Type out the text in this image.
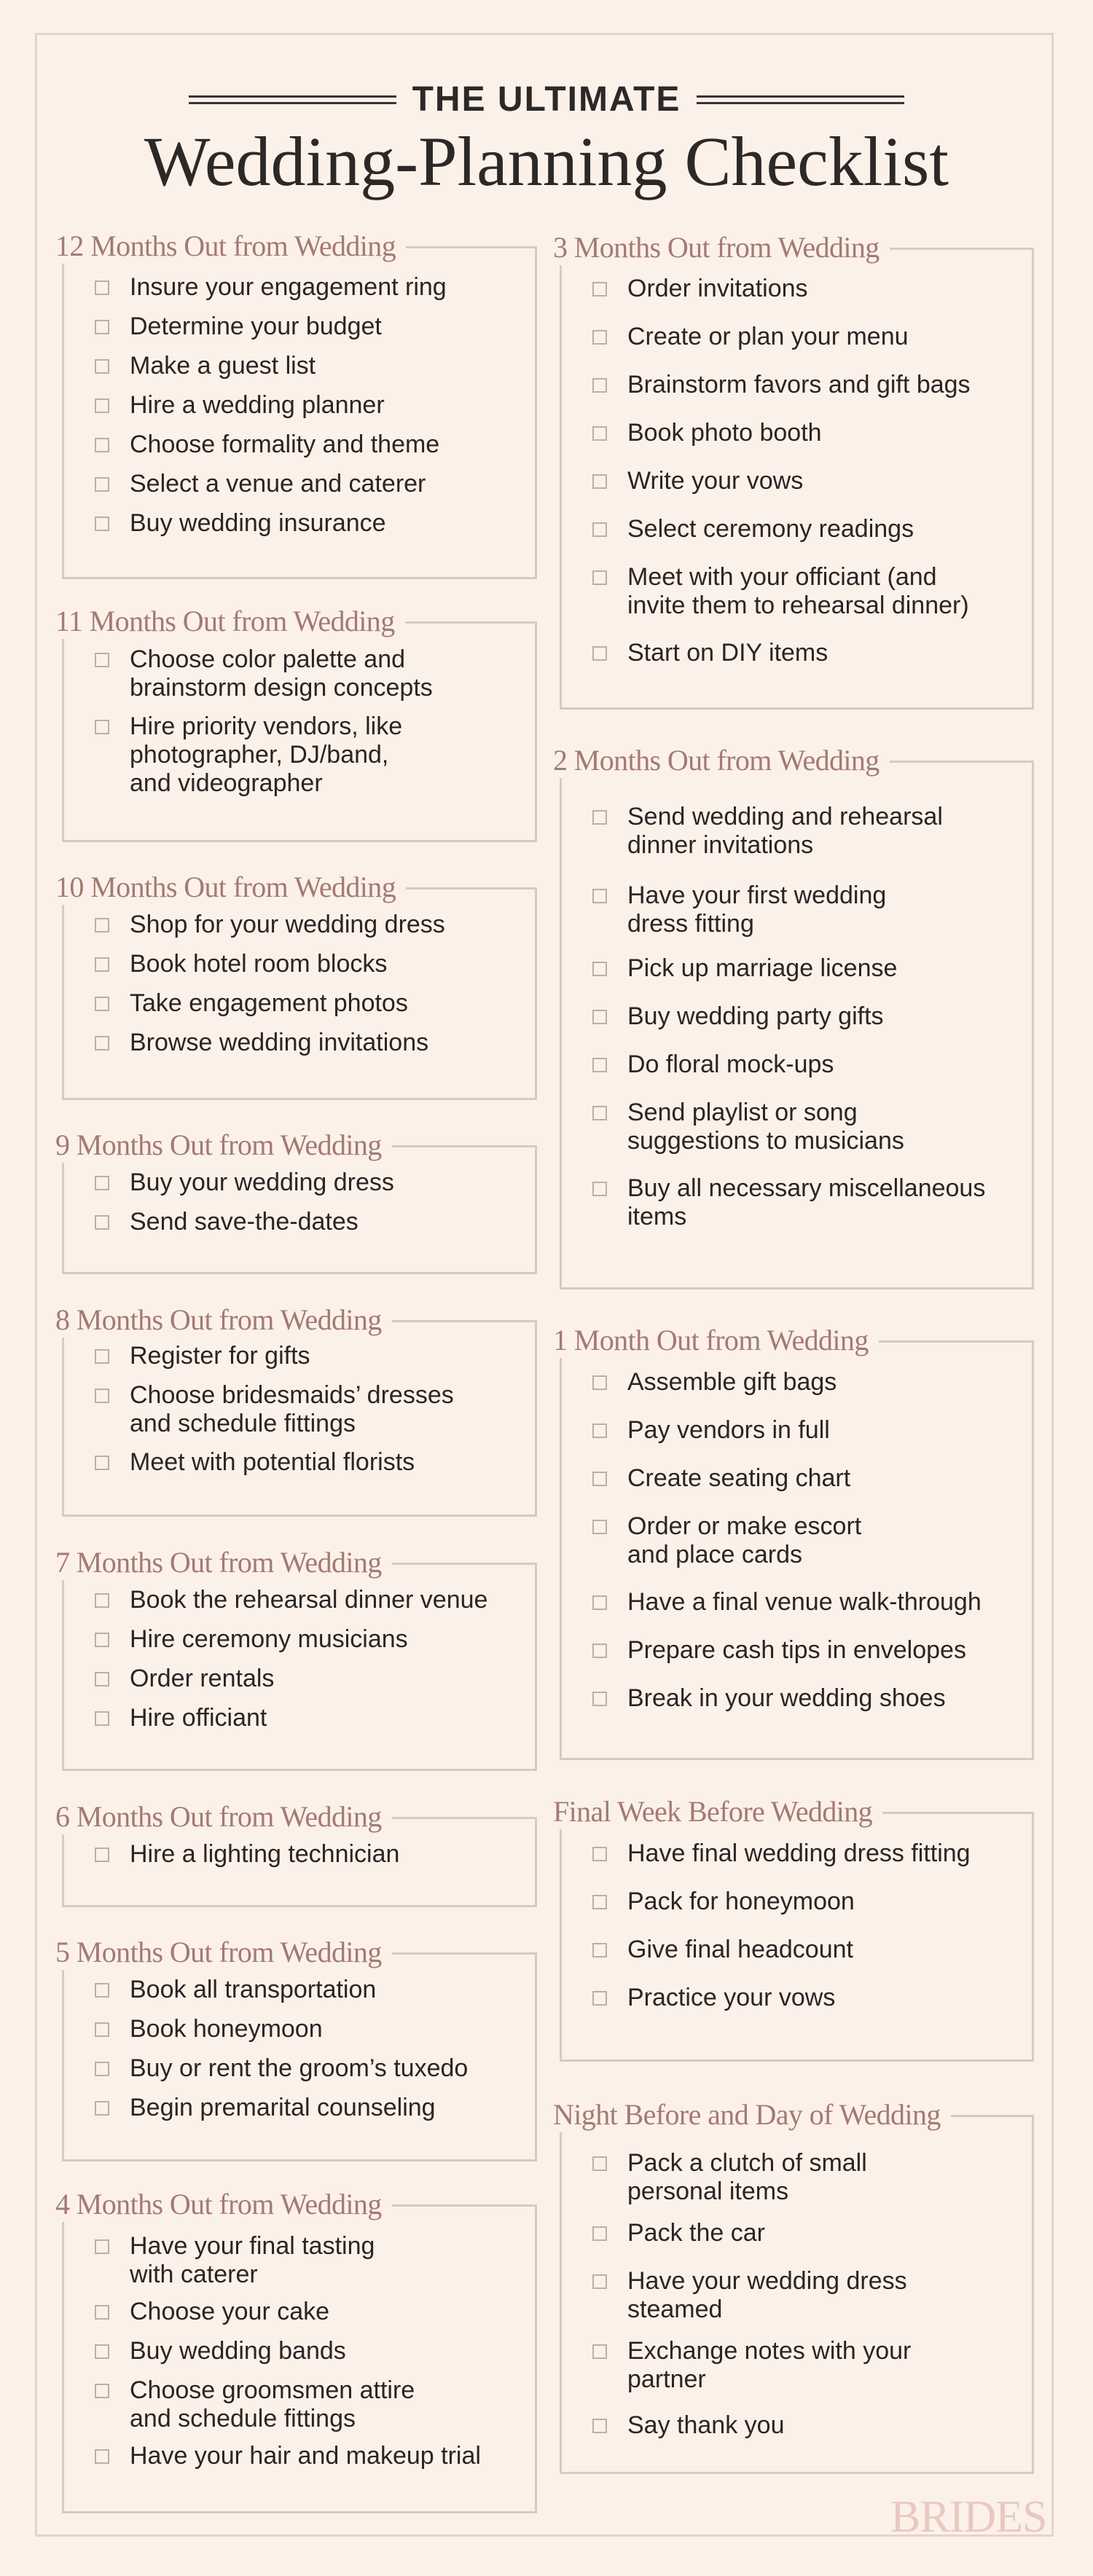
THE ULTIMATE
Wedding-Planning Checklist
12 Months Out from Wedding
Insure your engagement ring
Determine your budget
Make a guest list
Hire a wedding planner
Choose formality and theme
Select a venue and caterer
Buy wedding insurance
11 Months Out from Wedding
Choose color palette and
brainstorm design concepts
Hire priority vendors, like
photographer, DJ/band,
and videographer
10 Months Out from Wedding
Shop for your wedding dress
Book hotel room blocks
Take engagement photos
Browse wedding invitations
9 Months Out from Wedding
Buy your wedding dress
Send save-the-dates
8 Months Out from Wedding
Register for gifts
Choose bridesmaids’ dresses
and schedule fittings
Meet with potential florists
7 Months Out from Wedding
Book the rehearsal dinner venue
Hire ceremony musicians
Order rentals
Hire officiant
6 Months Out from Wedding
Hire a lighting technician
5 Months Out from Wedding
Book all transportation
Book honeymoon
Buy or rent the groom’s tuxedo
Begin premarital counseling
4 Months Out from Wedding
Have your final tasting
with caterer
Choose your cake
Buy wedding bands
Choose groomsmen attire
and schedule fittings
Have your hair and makeup trial
3 Months Out from Wedding
Order invitations
Create or plan your menu
Brainstorm favors and gift bags
Book photo booth
Write your vows
Select ceremony readings
Meet with your officiant (and
invite them to rehearsal dinner)
Start on DIY items
2 Months Out from Wedding
Send wedding and rehearsal
dinner invitations
Have your first wedding
dress fitting
Pick up marriage license
Buy wedding party gifts
Do floral mock-ups
Send playlist or song
suggestions to musicians
Buy all necessary miscellaneous
items
1 Month Out from Wedding
Assemble gift bags
Pay vendors in full
Create seating chart
Order or make escort
and place cards
Have a final venue walk-through
Prepare cash tips in envelopes
Break in your wedding shoes
Final Week Before Wedding
Have final wedding dress fitting
Pack for honeymoon
Give final headcount
Practice your vows
Night Before and Day of Wedding
Pack a clutch of small
personal items
Pack the car
Have your wedding dress
steamed
Exchange notes with your
partner
Say thank you
BRIDES
